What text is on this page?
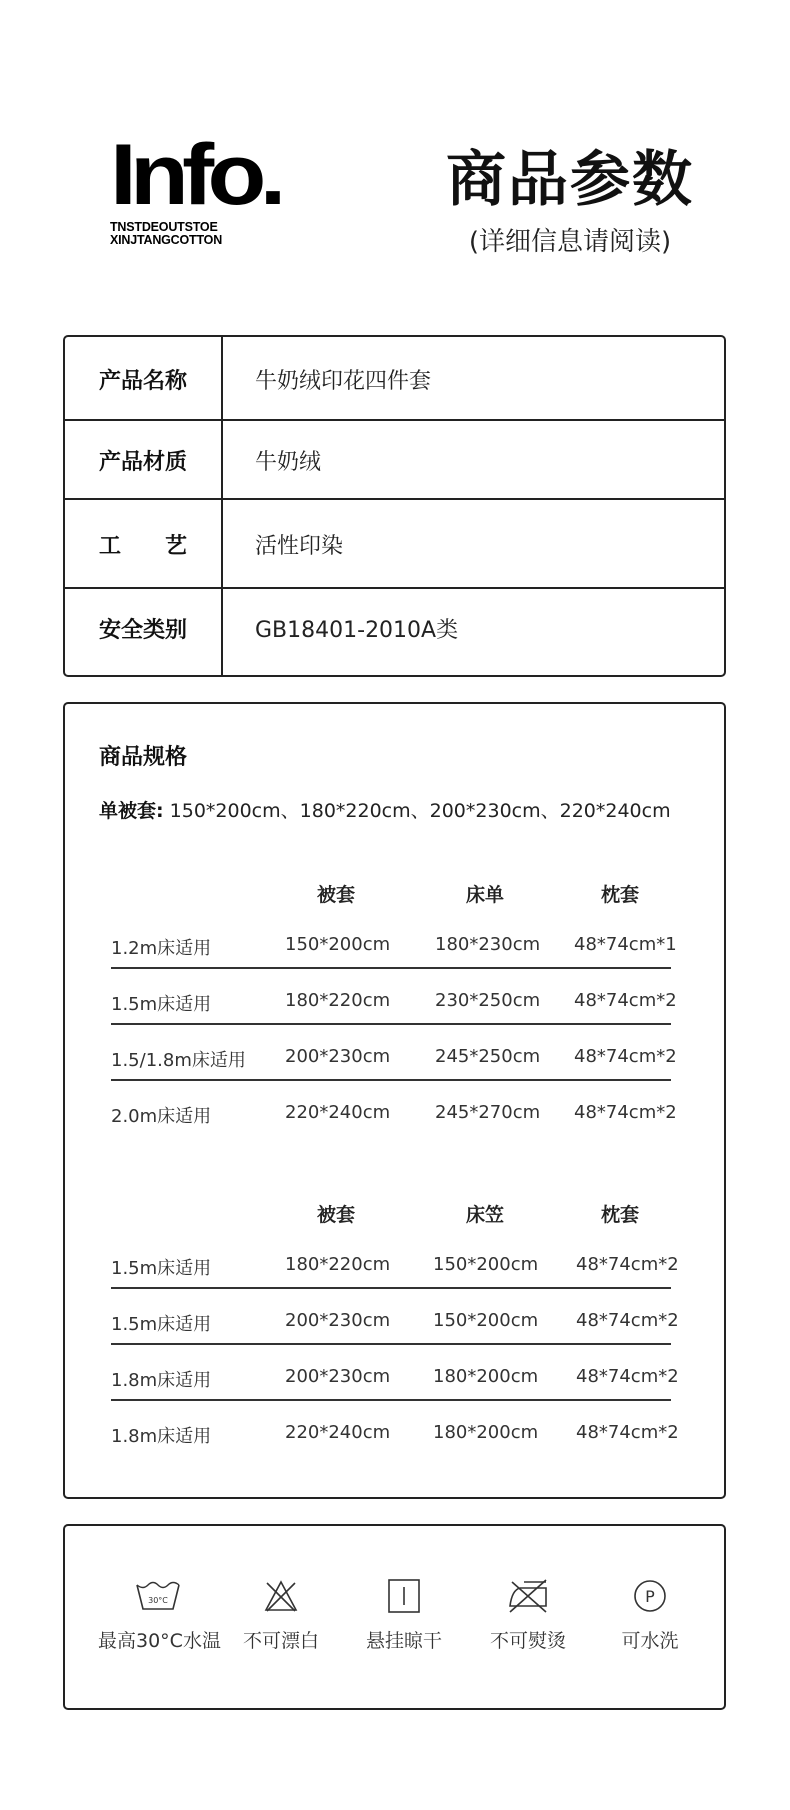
Info.
TNSTDEOUTSTOE
XINJTANGCOTTON
商品参数
(详细信息请阅读)
产品名称	牛奶绒印花四件套
产品材质	牛奶绒
工　　艺	活性印染
安全类别	GB18401-2010A类
商品规格
单被套: 150*200cm、180*220cm、200*230cm、220*240cm
被套	床单	枕套
1.2m床适用	150*200cm 180*230cm 48*74cm*1
1.5m床适用	180*220cm 230*250cm 48*74cm*2
1.5/1.8m床适用 200*230cm 245*250cm 48*74cm*2
2.0m床适用	220*240cm 245*270cm 48*74cm*2
被套	床笠	枕套
1.5m床适用	180*220cm 150*200cm 48*74cm*2
1.5m床适用	200*230cm 150*200cm 48*74cm*2
1.8m床适用	200*230cm 180*200cm 48*74cm*2
1.8m床适用	220*240cm 180*200cm 48*74cm*2
30°C
最高30°C水温	不可漂白	悬挂晾干	不可熨烫
P
可水洗
